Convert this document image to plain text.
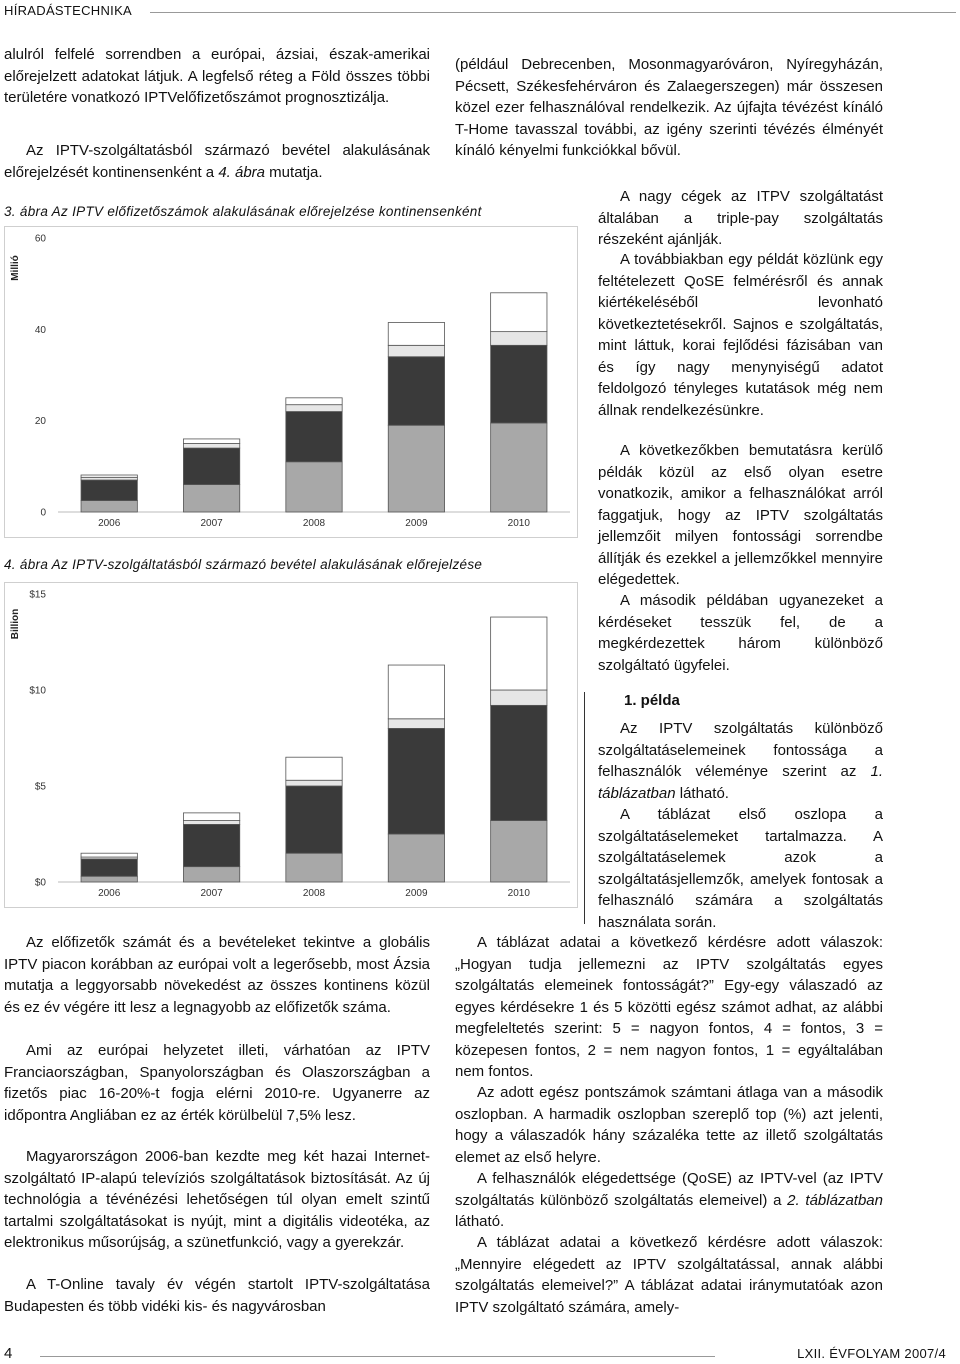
HÍRADÁSTECHNIKA

alulról felfelé sorrendben a európai, ázsiai, észak-amerikai előrejelzett adatokat látjuk. A legfelső réteg a Föld összes többi területére vonatkozó IPTVelőfizetőszámot prognosztizálja.

Az IPTV-szolgáltatásból származó bevétel alakulásának előrejelzését kontinensenként a 4. ábra mutatja.

3. ábra Az IPTV előfizetőszámok alakulásának előrejelzése kontinensenként
Millió
0
20
40
60
2006	2007	2008	2009	2010
4. ábra Az IPTV-szolgáltatásból származó bevétel alakulásának előrejelzése
Billion
$0
$5
$10
$15
2006	2007	2008	2009	2010

(például Debrecenben, Mosonmagyaróváron, Nyíregyházán, Pécsett, Székesfehérváron és Zalaegerszegen) már összesen közel ezer felhasználóval rendelkezik. Az újfajta tévézést kínáló T-Home tavasszal további, az igény szerinti tévézés élményét kínáló kényelmi funkciókkal bővül.

A nagy cégek az ITPV szolgáltatást általában a triple-pay szolgáltatás részeként ajánlják.

A továbbiakban egy példát közlünk egy feltételezett QoSE felmérésről és annak kiértékeléséből levonható következtetésekről. Sajnos e szolgáltatás, mint láttuk, korai fejlődési fázisában van és így nagy menynyiségű adatot feldolgozó tényleges kutatások még nem állnak rendelkezésünkre.

A következőkben bemutatásra kerülő példák közül az első olyan esetre vonatkozik, amikor a felhasználókat arról faggatjuk, hogy az IPTV szolgáltatás jellemzőit milyen fontossági sorrendbe állítják és ezekkel a jellemzőkkel mennyire elégedettek.

A második példában ugyanezeket a kérdéseket tesszük fel, de a megkérdezettek három különböző szolgáltató ügyfelei.

1. példa

Az IPTV szolgáltatás különböző szolgáltatáselemeinek fontossága a felhasználók véleménye szerint az 1. táblázatban látható.

A táblázat első oszlopa a szolgáltatáselemeket tartalmazza. A szolgáltatáselemek azok a szolgáltatásjellemzők, amelyek fontosak a felhasználó számára a szolgáltatás használata során.

A táblázat adatai a következő kérdésre adott válaszok: „Hogyan tudja jellemezni az IPTV szolgáltatás egyes szolgáltatás elemeinek fontosságát?” Egy-egy válaszadó az egyes kérdésekre 1 és 5 közötti egész számot adhat, az alábbi megfeleltetés szerint: 5 = nagyon fontos, 4 = fontos, 3 = közepesen fontos, 2 = nem nagyon fontos, 1 = egyáltalában nem fontos.

Az adott egész pontszámok számtani átlaga van a második oszlopban. A harmadik oszlopban szereplő top (%) azt jelenti, hogy a válaszadók hány százaléka tette az illető szolgáltatás elemet az első helyre.

A felhasználók elégedettsége (QoSE) az IPTV-vel (az IPTV szolgáltatás különböző szolgáltatás elemeivel) a 2. táblázatban látható.

A táblázat adatai a következő kérdésre adott válaszok: „Mennyire elégedett az IPTV szolgáltatással, annak alábbi szolgáltatás elemeivel?” A táblázat adatai iránymutatóak azon IPTV szolgáltató számára, amely-

Az előfizetők számát és a bevételeket tekintve a globális IPTV piacon korábban az európai volt a legerősebb, most Ázsia mutatja a leggyorsabb növekedést az összes kontinens közül és ez év végére itt lesz a legnagyobb az előfizetők száma.

Ami az európai helyzetet illeti, várhatóan az IPTV Franciaországban, Spanyolországban és Olaszországban a fizetős piac 16-20%-t fogja elérni 2010-re. Ugyanerre az időpontra Angliában ez az érték körülbelül 7,5% lesz.

Magyarországon 2006-ban kezdte meg két hazai Internet-szolgáltató IP-alapú televíziós szolgáltatások biztosítását. Az új technológia a tévénézési lehetőségen túl olyan emelt szintű tartalmi szolgáltatásokat is nyújt, mint a digitális videotéka, az elektronikus műsorújság, a szünetfunkció, vagy a gyerekzár.

A T-Online tavaly év végén startolt IPTV-szolgáltatása Budapesten és több vidéki kis- és nagyvárosban

4	LXII. ÉVFOLYAM 2007/4
